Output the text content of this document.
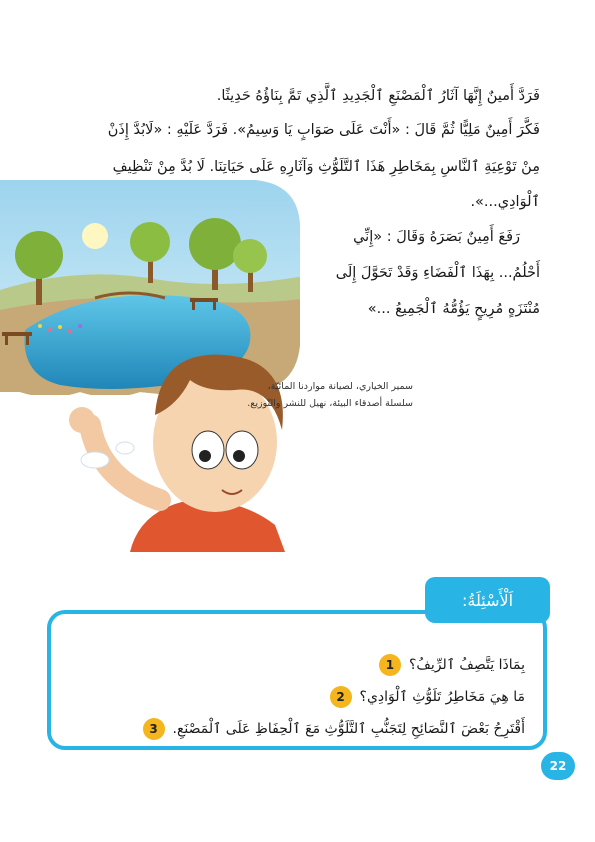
فَرَدَّ أَمينٌ إِنَّهَا آثَارُ ٱلْمَصْنَعِ ٱلْجَدِيدِ ٱلَّذِي تَمَّ بِنَاؤُهُ حَدِيثًا.
فَكَّرَ أَمِينٌ مَلِيًّا ثُمَّ قَالَ : «أَنْتَ عَلَى صَوَابٍ يَا وَسِيمُ». فَرَدَّ عَلَيْهِ : «لَابُدَّ إِذَنْ
مِنْ تَوْعِيَةِ ٱلنَّاسِ بِمَخَاطِرِ هَذَا ٱلتَّلَوُّثِ وَآثَارِهِ عَلَى حَيَاتِنَا. لَا بُدَّ مِنْ تَنْظِيفِ
ٱلْوَادِي...».
رَفَعَ أَمِينٌ بَصَرَهُ وَقَالَ : «إِنِّي
أَحْلُمُ... بِهَذَا ٱلْفَضَاءِ وَقَدْ تَحَوَّلَ إِلَى
مُنْتَزَهٍ مُرِيحٍ يَؤُمُّهُ ٱلْجَمِيعُ ...»
سمير الخياري، لصيانة مواردنا المائيّة،
سلسلة أصدقاء البيئة، نهيل للنشر والتّوزيع.
1	بِمَاذَا يَتَّصِفُ ٱلرِّيفُ؟
2	مَا هِيَ مَخَاطِرُ تَلَوُّثِ ٱلْوَادِي؟
3	أَقْتَرِحُ بَعْضَ ٱلنَّصَائِحِ لِتَجَنُّبِ ٱلتَّلَوُّثِ مَعَ ٱلْحِفَاظِ عَلَى ٱلْمَصْنَعِ.
اَلْأَسْئِلَةُ:
22
